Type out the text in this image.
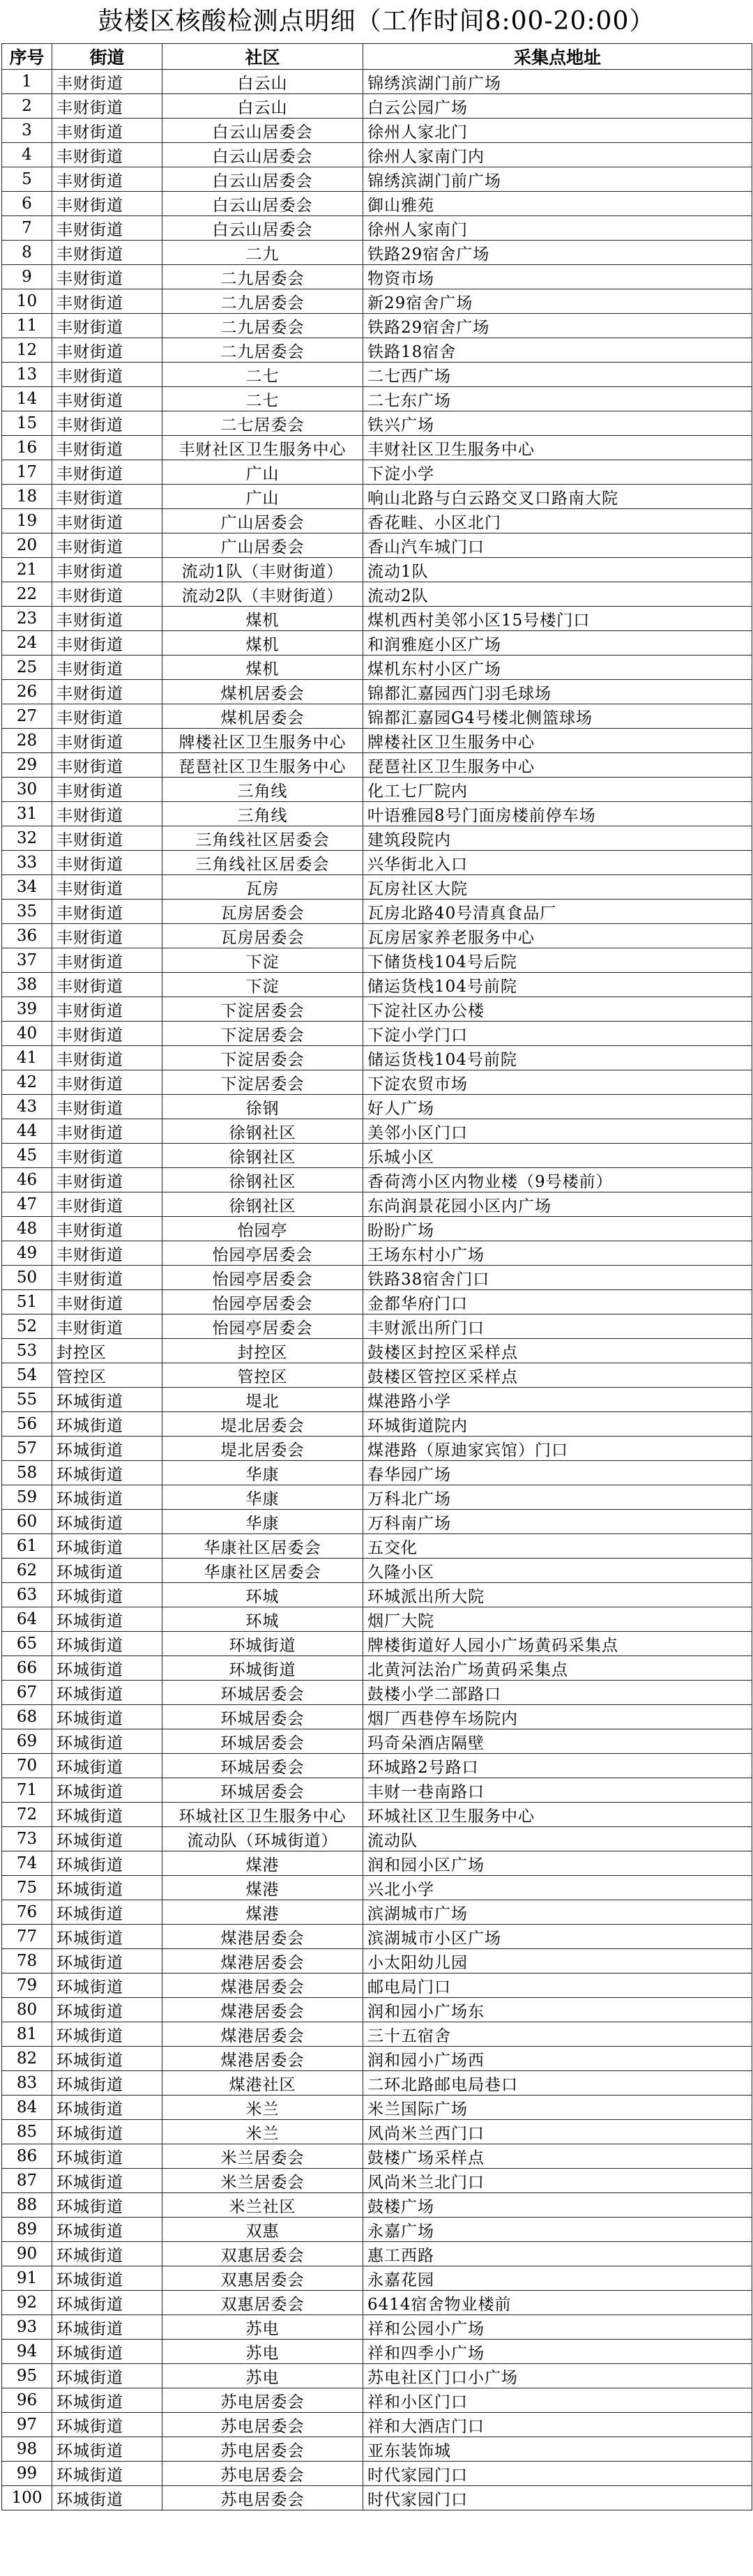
鼓楼区核酸检测点明细（工作时间8:00-20:00）
序号	街道	社区	采集点地址
1	丰财街道	白云山	锦绣滨湖门前广场
2	丰财街道	白云山	白云公园广场
3	丰财街道	白云山居委会	徐州人家北门
4	丰财街道	白云山居委会	徐州人家南门内
5	丰财街道	白云山居委会	锦绣滨湖门前广场
6	丰财街道	白云山居委会	御山雅苑
7	丰财街道	白云山居委会	徐州人家南门
8	丰财街道	二九	铁路29宿舍广场
9	丰财街道	二九居委会	物资市场
10	丰财街道	二九居委会	新29宿舍广场
11	丰财街道	二九居委会	铁路29宿舍广场
12	丰财街道	二九居委会	铁路18宿舍
13	丰财街道	二七	二七西广场
14	丰财街道	二七	二七东广场
15	丰财街道	二七居委会	铁兴广场
16	丰财街道	丰财社区卫生服务中心	丰财社区卫生服务中心
17	丰财街道	广山	下淀小学
18	丰财街道	广山	响山北路与白云路交叉口路南大院
19	丰财街道	广山居委会	香花畦、小区北门
20	丰财街道	广山居委会	香山汽车城门口
21	丰财街道	流动1队（丰财街道）	流动1队
22	丰财街道	流动2队（丰财街道）	流动2队
23	丰财街道	煤机	煤机西村美邻小区15号楼门口
24	丰财街道	煤机	和润雅庭小区广场
25	丰财街道	煤机	煤机东村小区广场
26	丰财街道	煤机居委会	锦都汇嘉园西门羽毛球场
27	丰财街道	煤机居委会	锦都汇嘉园G4号楼北侧篮球场
28	丰财街道	牌楼社区卫生服务中心	牌楼社区卫生服务中心
29	丰财街道	琵琶社区卫生服务中心	琵琶社区卫生服务中心
30	丰财街道	三角线	化工七厂院内
31	丰财街道	三角线	叶语雅园8号门面房楼前停车场
32	丰财街道	三角线社区居委会	建筑段院内
33	丰财街道	三角线社区居委会	兴华街北入口
34	丰财街道	瓦房	瓦房社区大院
35	丰财街道	瓦房居委会	瓦房北路40号清真食品厂
36	丰财街道	瓦房居委会	瓦房居家养老服务中心
37	丰财街道	下淀	下储货栈104号后院
38	丰财街道	下淀	储运货栈104号前院
39	丰财街道	下淀居委会	下淀社区办公楼
40	丰财街道	下淀居委会	下淀小学门口
41	丰财街道	下淀居委会	储运货栈104号前院
42	丰财街道	下淀居委会	下淀农贸市场
43	丰财街道	徐钢	好人广场
44	丰财街道	徐钢社区	美邻小区门口
45	丰财街道	徐钢社区	乐城小区
46	丰财街道	徐钢社区	香荷湾小区内物业楼（9号楼前）
47	丰财街道	徐钢社区	东尚润景花园小区内广场
48	丰财街道	怡园亭	盼盼广场
49	丰财街道	怡园亭居委会	王场东村小广场
50	丰财街道	怡园亭居委会	铁路38宿舍门口
51	丰财街道	怡园亭居委会	金都华府门口
52	丰财街道	怡园亭居委会	丰财派出所门口
53	封控区	封控区	鼓楼区封控区采样点
54	管控区	管控区	鼓楼区管控区采样点
55	环城街道	堤北	煤港路小学
56	环城街道	堤北居委会	环城街道院内
57	环城街道	堤北居委会	煤港路（原迪家宾馆）门口
58	环城街道	华康	春华园广场
59	环城街道	华康	万科北广场
60	环城街道	华康	万科南广场
61	环城街道	华康社区居委会	五交化
62	环城街道	华康社区居委会	久隆小区
63	环城街道	环城	环城派出所大院
64	环城街道	环城	烟厂大院
65	环城街道	环城街道	牌楼街道好人园小广场黄码采集点
66	环城街道	环城街道	北黄河法治广场黄码采集点
67	环城街道	环城居委会	鼓楼小学二部路口
68	环城街道	环城居委会	烟厂西巷停车场院内
69	环城街道	环城居委会	玛奇朵酒店隔壁
70	环城街道	环城居委会	环城路2号路口
71	环城街道	环城居委会	丰财一巷南路口
72	环城街道	环城社区卫生服务中心	环城社区卫生服务中心
73	环城街道	流动队（环城街道）	流动队
74	环城街道	煤港	润和园小区广场
75	环城街道	煤港	兴北小学
76	环城街道	煤港	滨湖城市广场
77	环城街道	煤港居委会	滨湖城市小区广场
78	环城街道	煤港居委会	小太阳幼儿园
79	环城街道	煤港居委会	邮电局门口
80	环城街道	煤港居委会	润和园小广场东
81	环城街道	煤港居委会	三十五宿舍
82	环城街道	煤港居委会	润和园小广场西
83	环城街道	煤港社区	二环北路邮电局巷口
84	环城街道	米兰	米兰国际广场
85	环城街道	米兰	风尚米兰西门口
86	环城街道	米兰居委会	鼓楼广场采样点
87	环城街道	米兰居委会	风尚米兰北门口
88	环城街道	米兰社区	鼓楼广场
89	环城街道	双惠	永嘉广场
90	环城街道	双惠居委会	惠工西路
91	环城街道	双惠居委会	永嘉花园
92	环城街道	双惠居委会	6414宿舍物业楼前
93	环城街道	苏电	祥和公园小广场
94	环城街道	苏电	祥和四季小广场
95	环城街道	苏电	苏电社区门口小广场
96	环城街道	苏电居委会	祥和小区门口
97	环城街道	苏电居委会	祥和大酒店门口
98	环城街道	苏电居委会	亚东装饰城
99	环城街道	苏电居委会	时代家园门口
100	环城街道	苏电居委会	时代家园门口
